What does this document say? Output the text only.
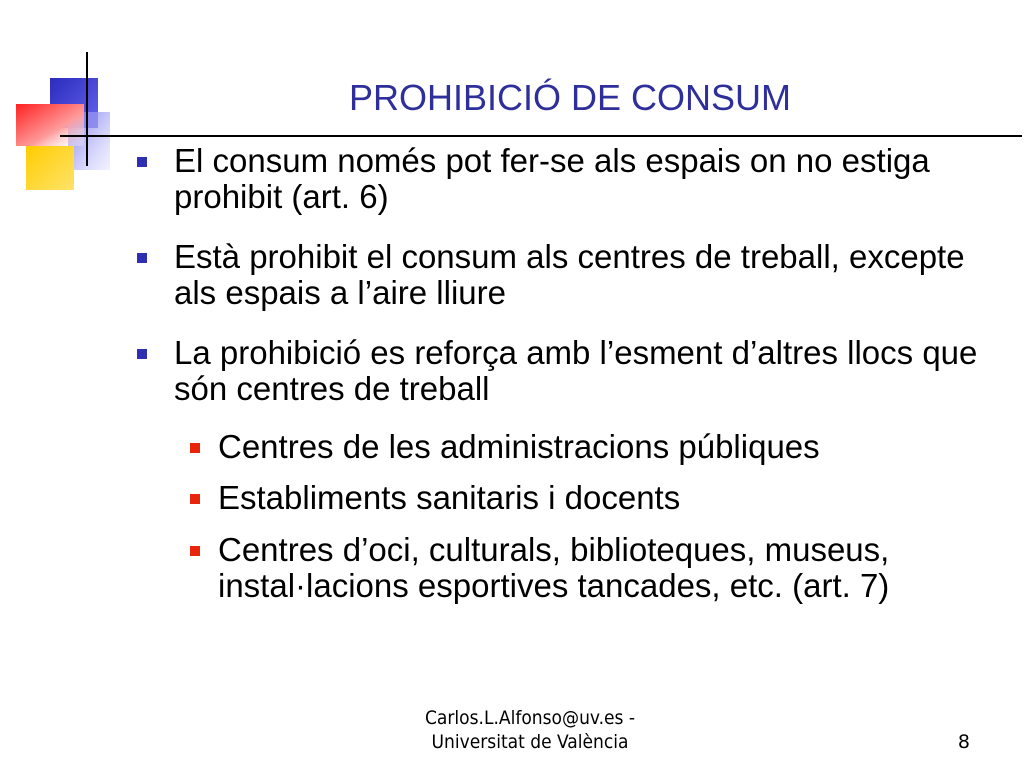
PROHIBICIÓ DE CONSUM
El consum només pot fer-se als espais on no estiga prohibit (art. 6)
Està prohibit el consum als centres de treball, excepte als espais a l’aire lliure
La prohibició es reforça amb l’esment d’altres llocs que són centres de treball
Centres de les administracions públiques
Establiments sanitaris i docents
Centres d’oci, culturals, biblioteques, museus, instal·lacions esportives tancades, etc. (art. 7)
Carlos.L.Alfonso@uv.es -
Universitat de València	8
